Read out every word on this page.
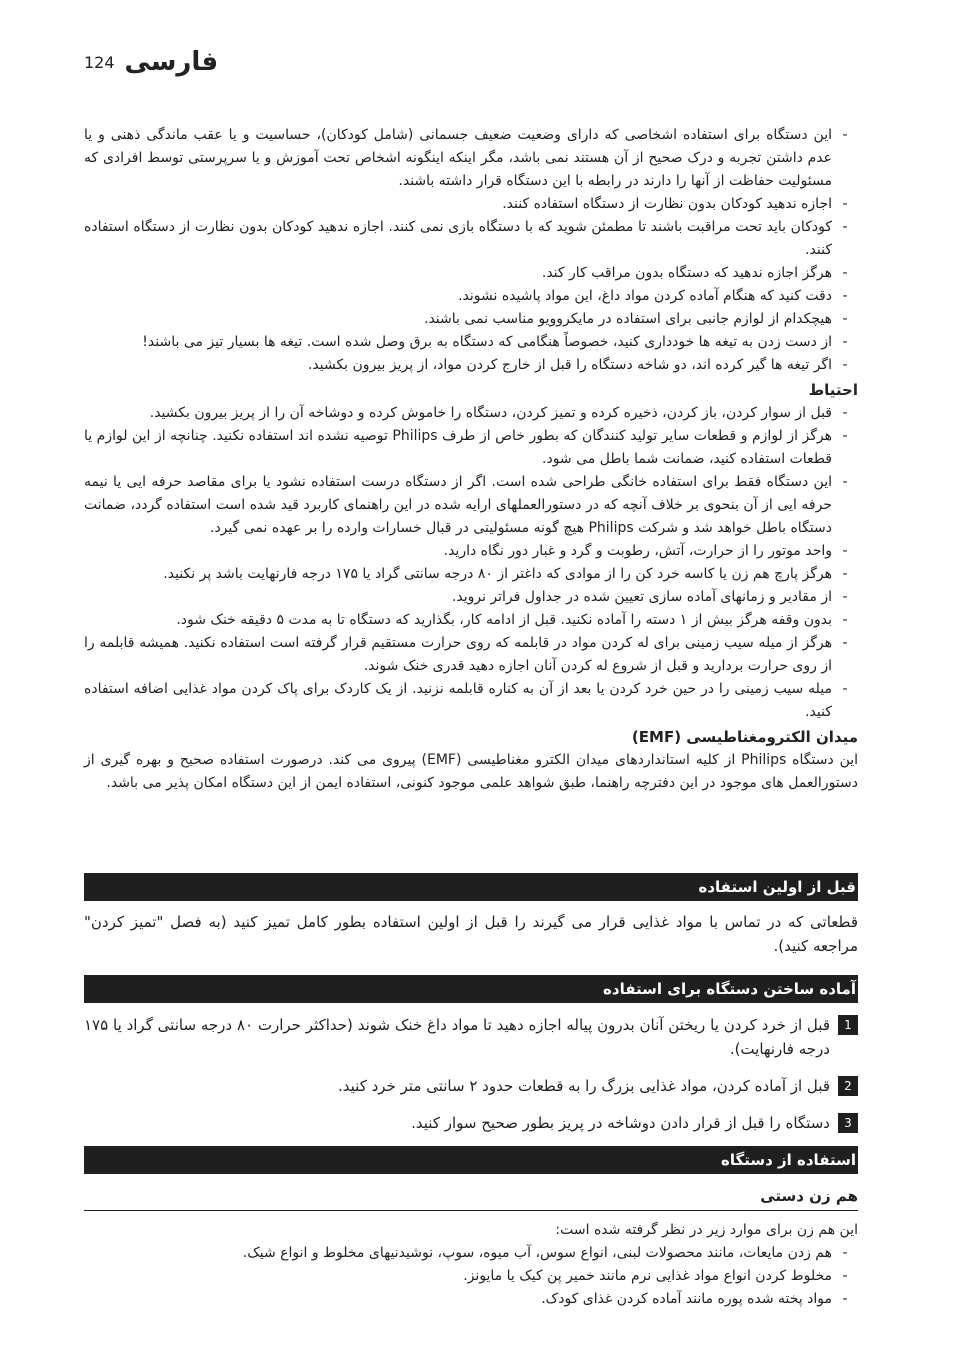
124 فارسی
-
این دستگاه برای استفاده اشخاصی که دارای وضعیت ضعیف جسمانی (شامل کودکان)، حساسیت و یا عقب ماندگی ذهنی و یا عدم داشتن تجربه و درک صحیح از آن هستند نمی باشد، مگر اینکه اینگونه اشخاص تحت آموزش و یا سرپرستی توسط افرادی که مسئولیت حفاظت از آنها را دارند در رابطه با این دستگاه قرار داشته باشند.
-
اجازه ندهید کودکان بدون نظارت از دستگاه استفاده کنند.
-
کودکان باید تحت مراقبت باشند تا مطمئن شوید که با دستگاه بازی نمی کنند. اجازه ندهید کودکان بدون نظارت از دستگاه استفاده کنند.
-
هرگز اجازه ندهید که دستگاه بدون مراقب کار کند.
-
دقت کنید که هنگام آماده کردن مواد داغ، این مواد پاشیده نشوند.
-
هیچکدام از لوازم جانبی برای استفاده در مایکروویو مناسب نمی باشند.
-
از دست زدن به تیغه ها خودداری کنید، خصوصاً هنگامی که دستگاه به برق وصل شده است. تیغه ها بسیار تیز می باشند!
-
اگر تیغه ها گیر کرده اند، دو شاخه دستگاه را قبل از خارج کردن مواد، از پریز بیرون بکشید.
احتیاط
-
قبل از سوار کردن، باز کردن، ذخیره کرده و تمیز کردن، دستگاه را خاموش کرده و دوشاخه آن را از پریز بیرون بکشید.
-
هرگز از لوازم و قطعات سایر تولید کنندگان که بطور خاص از طرف Philips توصیه نشده اند استفاده نکنید. چنانچه از این لوازم یا قطعات استفاده کنید، ضمانت شما باطل می شود.
-
این دستگاه فقط برای استفاده خانگی طراحی شده است. اگر از دستگاه درست استفاده نشود یا برای مقاصد حرفه ایی یا نیمه حرفه ایی از آن بنحوی بر خلاف آنچه که در دستورالعملهای ارایه شده در این راهنمای کاربرد قید شده است استفاده گردد، ضمانت دستگاه باطل خواهد شد و شرکت Philips هیچ گونه مسئولیتی در قبال خسارات وارده را بر عهده نمی گیرد.
-
واحد موتور را از حرارت، آتش، رطوبت و گرد و غبار دور نگاه دارید.
-
هرگز پارچ هم زن یا کاسه خرد کن را از موادی که داغتر از ۸۰ درجه سانتی گراد یا ۱۷۵ درجه فارنهایت باشد پر نکنید.
-
از مقادیر و زمانهای آماده سازی تعیین شده در جداول فراتر نروید.
-
بدون وقفه هرگز بیش از ۱ دسته را آماده نکنید. قبل از ادامه کار، بگذارید که دستگاه تا به مدت ۵ دقیقه خنک شود.
-
هرگز از میله سیب زمینی برای له کردن مواد در قابلمه که روی حرارت مستقیم قرار گرفته است استفاده نکنید. همیشه قابلمه را از روی حرارت بردارید و قبل از شروع له کردن آنان اجازه دهید قدری خنک شوند.
-
میله سیب زمینی را در حین خرد کردن یا بعد از آن به کناره قابلمه نزنید. از یک کاردک برای پاک کردن مواد غذایی اضافه استفاده کنید.
میدان الکترومغناطیسی (EMF)

این دستگاه Philips از کلیه استانداردهای میدان الکترو مغناطیسی (EMF) پیروی می کند. درصورت استفاده صحیح و بهره گیری از دستورالعمل های موجود در این دفترچه راهنما، طبق شواهد علمی موجود کنونی، استفاده ایمن از این دستگاه امکان پذیر می باشد.

قبل از اولین استفاده

قطعاتی که در تماس با مواد غذایی قرار می گیرند را قبل از اولین استفاده بطور کامل تمیز کنید (به فصل "تمیز کردن" مراجعه کنید).

آماده ساختن دستگاه برای استفاده
1
قبل از خرد کردن یا ریختن آنان بدرون پیاله اجازه دهید تا مواد داغ خنک شوند (حداکثر حرارت ۸۰ درجه سانتی گراد یا ۱۷۵ درجه فارنهایت).
2
قبل از آماده کردن، مواد غذایی بزرگ را به قطعات حدود ۲ سانتی متر خرد کنید.
3
دستگاه را قبل از قرار دادن دوشاخه در پریز بطور صحیح سوار کنید.
استفاده از دستگاه
هم زن دستی

این هم زن برای موارد زیر در نظر گرفته شده است:

-
هم زدن مایعات، مانند محصولات لبنی، انواع سوس، آب میوه، سوپ، نوشیدنیهای مخلوط و انواع شیک.
-
مخلوط کردن انواع مواد غذایی نرم مانند خمیر پن کیک یا مایونز.
-
مواد پخته شده پوره مانند آماده کردن غذای کودک.
